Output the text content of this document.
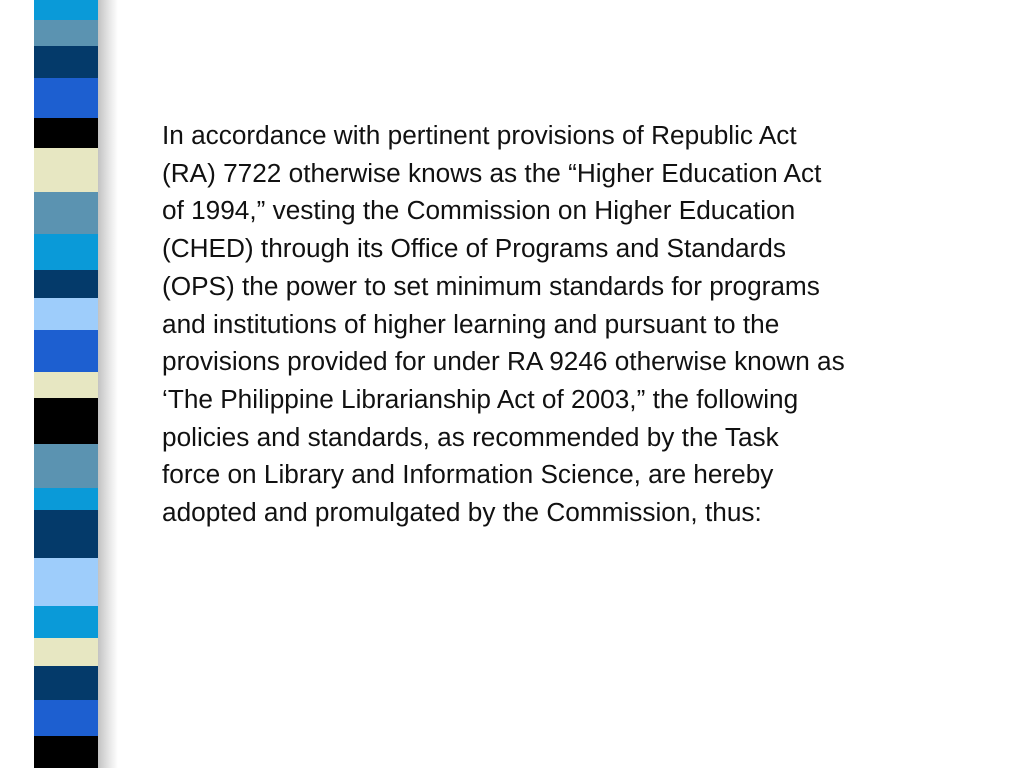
In accordance with pertinent provisions of Republic Act
(RA) 7722 otherwise knows as the “Higher Education Act
of 1994,” vesting the Commission on Higher Education
(CHED) through its Office of Programs and Standards
(OPS) the power to set minimum standards for programs
and institutions of higher learning and pursuant to the
provisions provided for under RA 9246 otherwise known as
‘The Philippine Librarianship Act of 2003,” the following
policies and standards, as recommended by the Task
force on Library and Information Science, are hereby
adopted and promulgated by the Commission, thus:
